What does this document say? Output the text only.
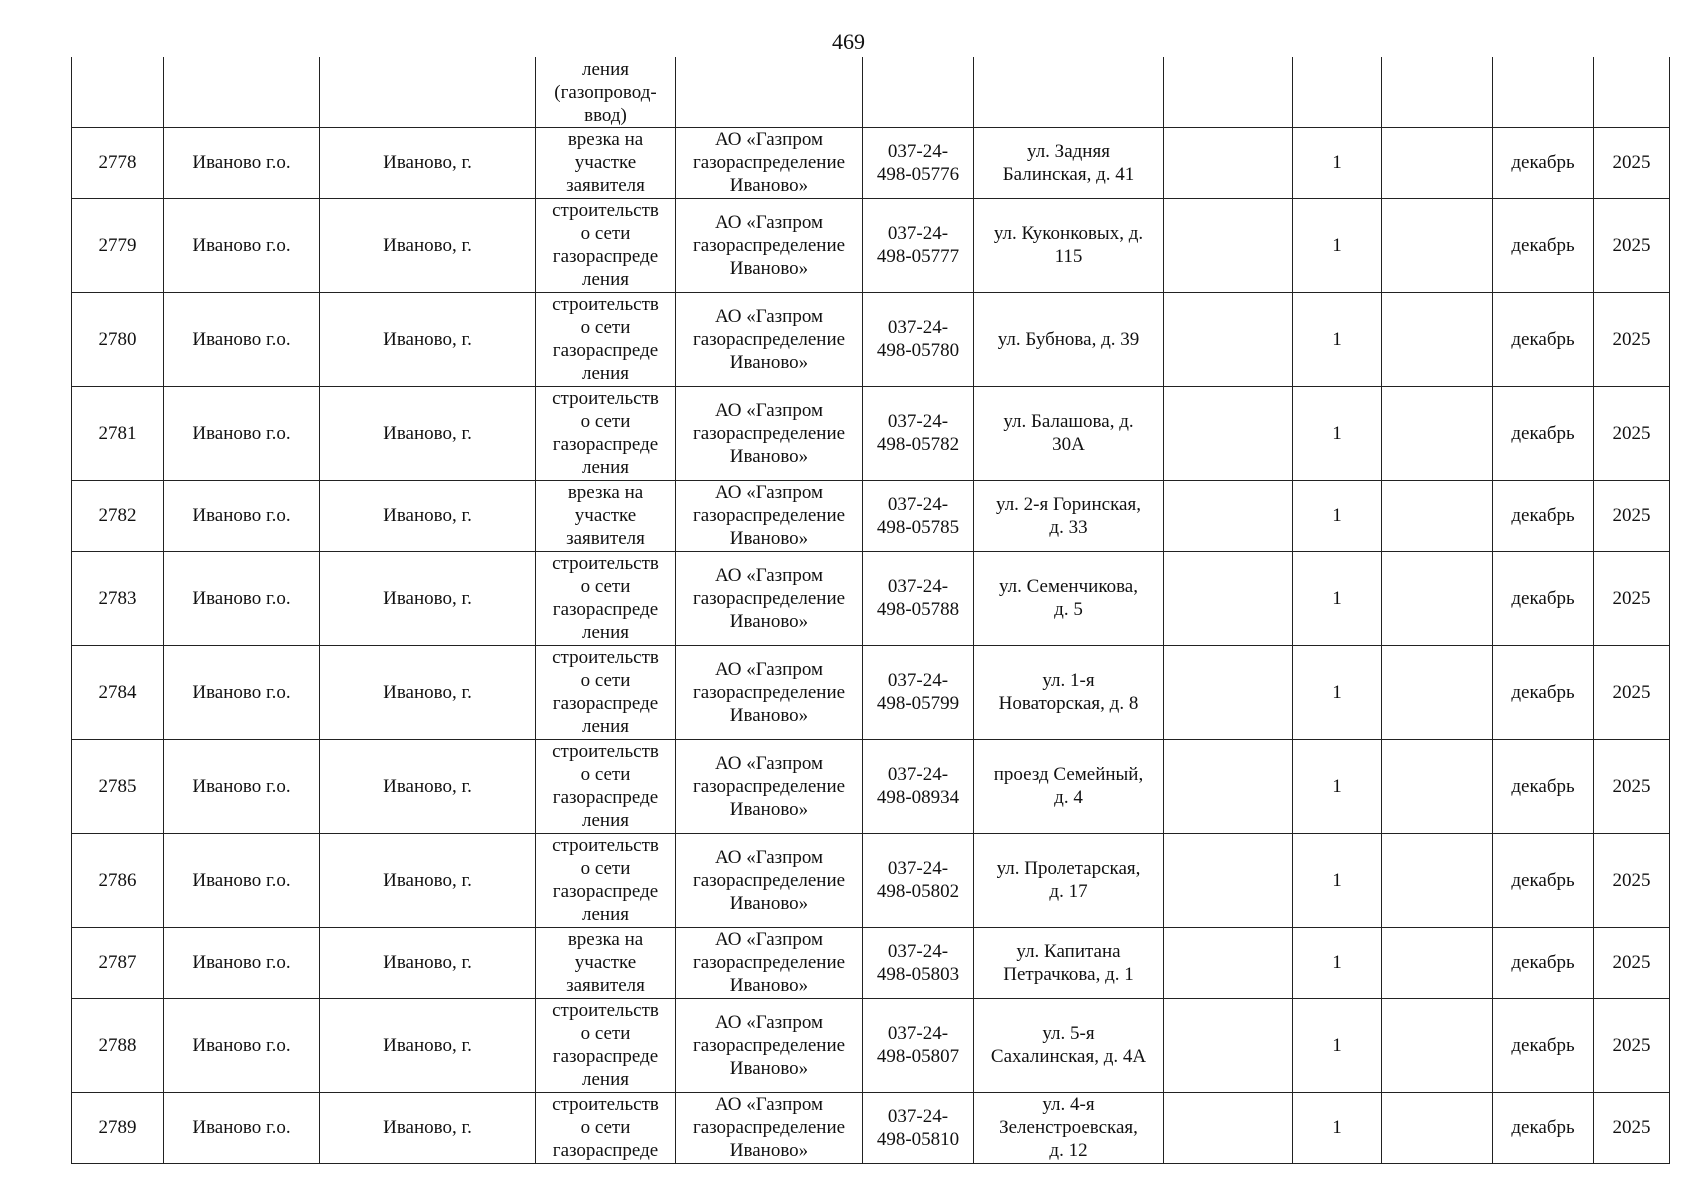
469
			ления
(газопровод-
ввод)								
2778	Иваново г.о.	Иваново, г.	врезка на
участке
заявителя	АО «Газпром
газораспределение
Иваново»	037-24-
498-05776	ул. Задняя
Балинская, д. 41		1		декабрь	2025
2779	Иваново г.о.	Иваново, г.	строительств
о сети
газораспреде
ления	АО «Газпром
газораспределение
Иваново»	037-24-
498-05777	ул. Куконковых, д.
115		1		декабрь	2025
2780	Иваново г.о.	Иваново, г.	строительств
о сети
газораспреде
ления	АО «Газпром
газораспределение
Иваново»	037-24-
498-05780	ул. Бубнова, д. 39		1		декабрь	2025
2781	Иваново г.о.	Иваново, г.	строительств
о сети
газораспреде
ления	АО «Газпром
газораспределение
Иваново»	037-24-
498-05782	ул. Балашова, д.
30А		1		декабрь	2025
2782	Иваново г.о.	Иваново, г.	врезка на
участке
заявителя	АО «Газпром
газораспределение
Иваново»	037-24-
498-05785	ул. 2-я Горинская,
д. 33		1		декабрь	2025
2783	Иваново г.о.	Иваново, г.	строительств
о сети
газораспреде
ления	АО «Газпром
газораспределение
Иваново»	037-24-
498-05788	ул. Семенчикова,
д. 5		1		декабрь	2025
2784	Иваново г.о.	Иваново, г.	строительств
о сети
газораспреде
ления	АО «Газпром
газораспределение
Иваново»	037-24-
498-05799	ул. 1-я
Новаторская, д. 8		1		декабрь	2025
2785	Иваново г.о.	Иваново, г.	строительств
о сети
газораспреде
ления	АО «Газпром
газораспределение
Иваново»	037-24-
498-08934	проезд Семейный,
д. 4		1		декабрь	2025
2786	Иваново г.о.	Иваново, г.	строительств
о сети
газораспреде
ления	АО «Газпром
газораспределение
Иваново»	037-24-
498-05802	ул. Пролетарская,
д. 17		1		декабрь	2025
2787	Иваново г.о.	Иваново, г.	врезка на
участке
заявителя	АО «Газпром
газораспределение
Иваново»	037-24-
498-05803	ул. Капитана
Петрачкова, д. 1		1		декабрь	2025
2788	Иваново г.о.	Иваново, г.	строительств
о сети
газораспреде
ления	АО «Газпром
газораспределение
Иваново»	037-24-
498-05807	ул. 5-я
Сахалинская, д. 4А		1		декабрь	2025
2789	Иваново г.о.	Иваново, г.	строительств
о сети
газораспреде	АО «Газпром
газораспределение
Иваново»	037-24-
498-05810	ул. 4-я
Зеленстроевская,
д. 12		1		декабрь	2025
